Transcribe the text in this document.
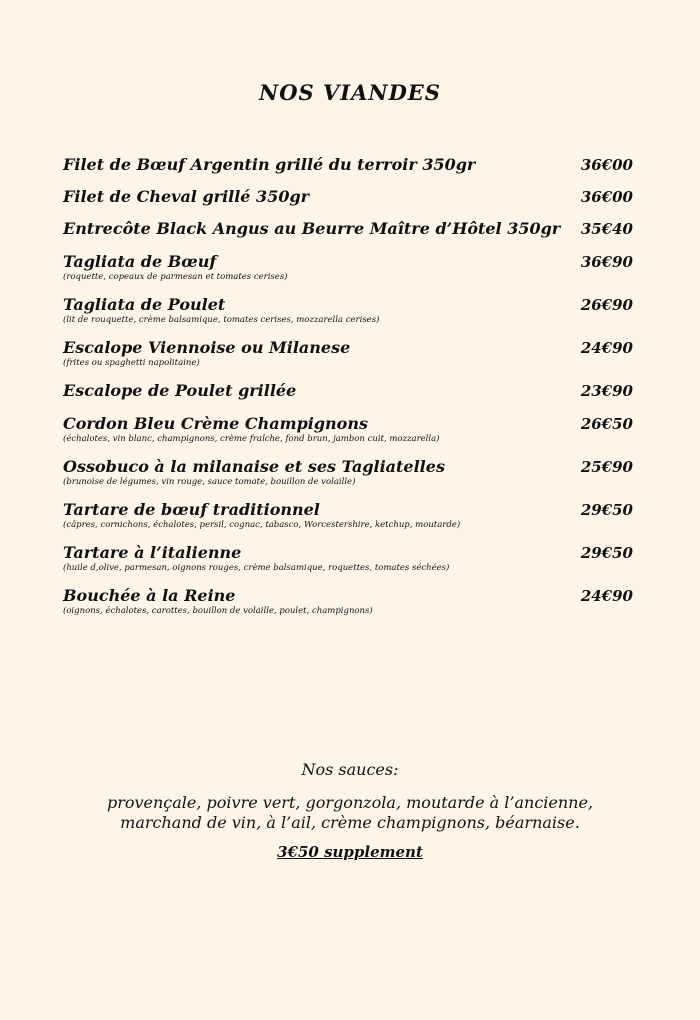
NOS VIANDES
Filet de Bœuf Argentin grillé du terroir 350gr	36€00
Filet de Cheval grillé 350gr	36€00
Entrecôte Black Angus au Beurre Maître d’Hôtel 350gr 35€40
Tagliata de Bœuf	36€90
(roquette, copeaux de parmesan et tomates cerises)
Tagliata de Poulet	26€90
(lit de rouquette, crème balsamique, tomates cerises, mozzarella cerises)
Escalope Viennoise ou Milanese	24€90
(frites ou spaghetti napolitaine)
Escalope de Poulet grillée	23€90
Cordon Bleu Crème Champignons	26€50
(échalotes, vin blanc, champignons, crème fraîche, fond brun, jambon cuit, mozzarella)
Ossobuco à la milanaise et ses Tagliatelles	25€90
(brunoise de légumes, vin rouge, sauce tomate, bouillon de volaille)
Tartare de bœuf traditionnel	29€50
(câpres, cornichons, échalotes, persil, cognac, tabasco, Worcestershire, ketchup, moutarde)
Tartare à l’italienne	29€50
(huile d,olive, parmesan, oignons rouges, crème balsamique, roquettes, tomates séchées)
Bouchée à la Reine	24€90
(oignons, échalotes, carottes, bouillon de volaille, poulet, champignons)
Nos sauces:
provençale, poivre vert, gorgonzola, moutarde à l’ancienne,
marchand de vin, à l’ail, crème champignons, béarnaise.
3€50 supplement
